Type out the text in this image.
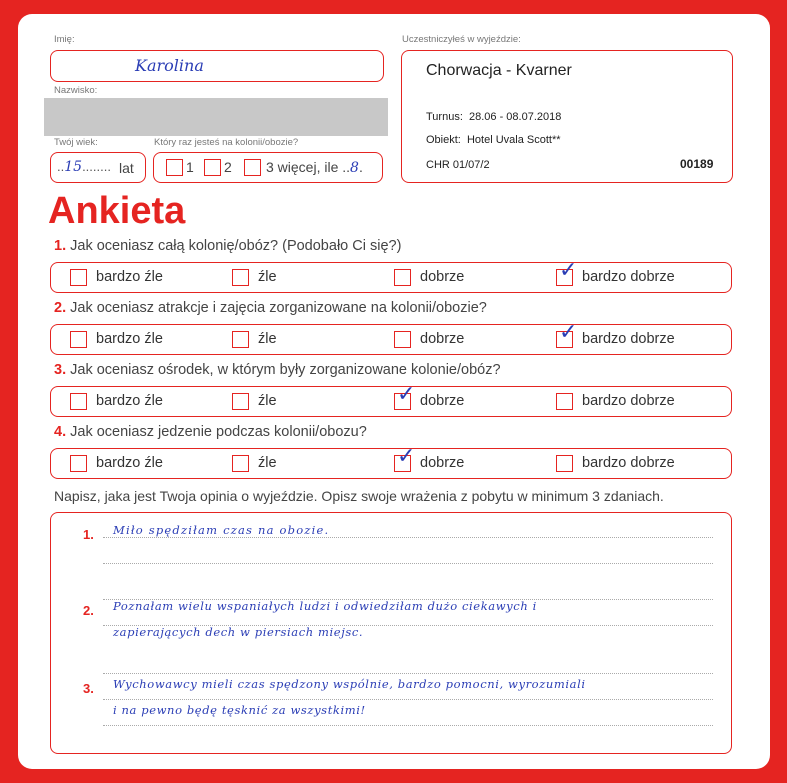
Imię:
Karolina
Nazwisko:
Twój wiek:
..15........ lat
Który raz jesteś na kolonii/obozie?
1 2 3 więcej, ile ..8.
Uczestniczyłeś w wyjeździe:
Chorwacja - Kvarner
Turnus:  28.06 - 08.07.2018
Obiekt:  Hotel Uvala Scott**
CHR 01/07/2	00189
Ankieta
1. Jak oceniasz całą kolonię/obóz? (Podobało Ci się?)
bardzo źle	źle	dobrze	✓ bardzo dobrze
2. Jak oceniasz atrakcje i zajęcia zorganizowane na kolonii/obozie?
bardzo źle	źle	dobrze	✓ bardzo dobrze
3. Jak oceniasz ośrodek, w którym były zorganizowane kolonie/obóz?
bardzo źle	źle	✓ dobrze	bardzo dobrze
4. Jak oceniasz jedzenie podczas kolonii/obozu?
bardzo źle	źle	✓ dobrze	bardzo dobrze
Napisz, jaka jest Twoja opinia o wyjeździe. Opisz swoje wrażenia z pobytu w minimum 3 zdaniach.
1. Miło spędziłam czas na obozie.
2. Poznałam wielu wspaniałych ludzi i odwiedziłam dużo ciekawych i
zapierających dech w piersiach miejsc.
3. Wychowawcy mieli czas spędzony wspólnie, bardzo pomocni, wyrozumiali
i na pewno będę tęsknić za wszystkimi!
